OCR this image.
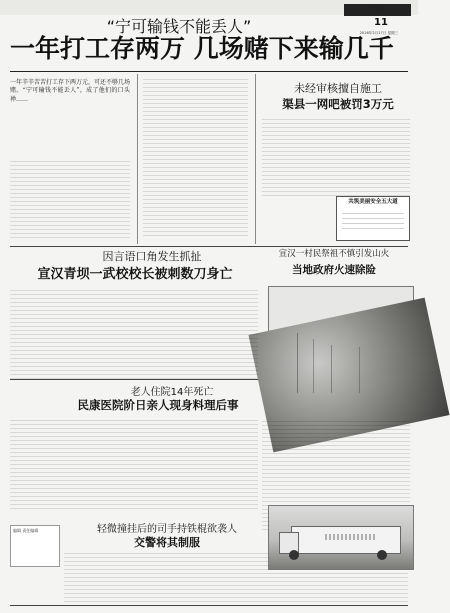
法治新闻
11
2016年2月17日 星期三
“宁可输钱不能丢人”
一年打工存两万 几场赌下来输几千
一年辛辛苦苦打工存下两万元，可还不够几场赌。“宁可输钱不能丢人”，成了他们的口头禅……
未经审核擅自施工
渠县一网吧被罚3万元
共筑美丽安全五大道
宣汉一村民祭祖不慎引发山火
当地政府火速除险
因言语口角发生抓扯
宣汉青坝一武校校长被刺数刀身亡
老人住院14年死亡
民康医院阶日亲人现身料理后事
编辑 责任编辑	轻微撞挂后的司手持铁棍欲袭人
交警将其制服
